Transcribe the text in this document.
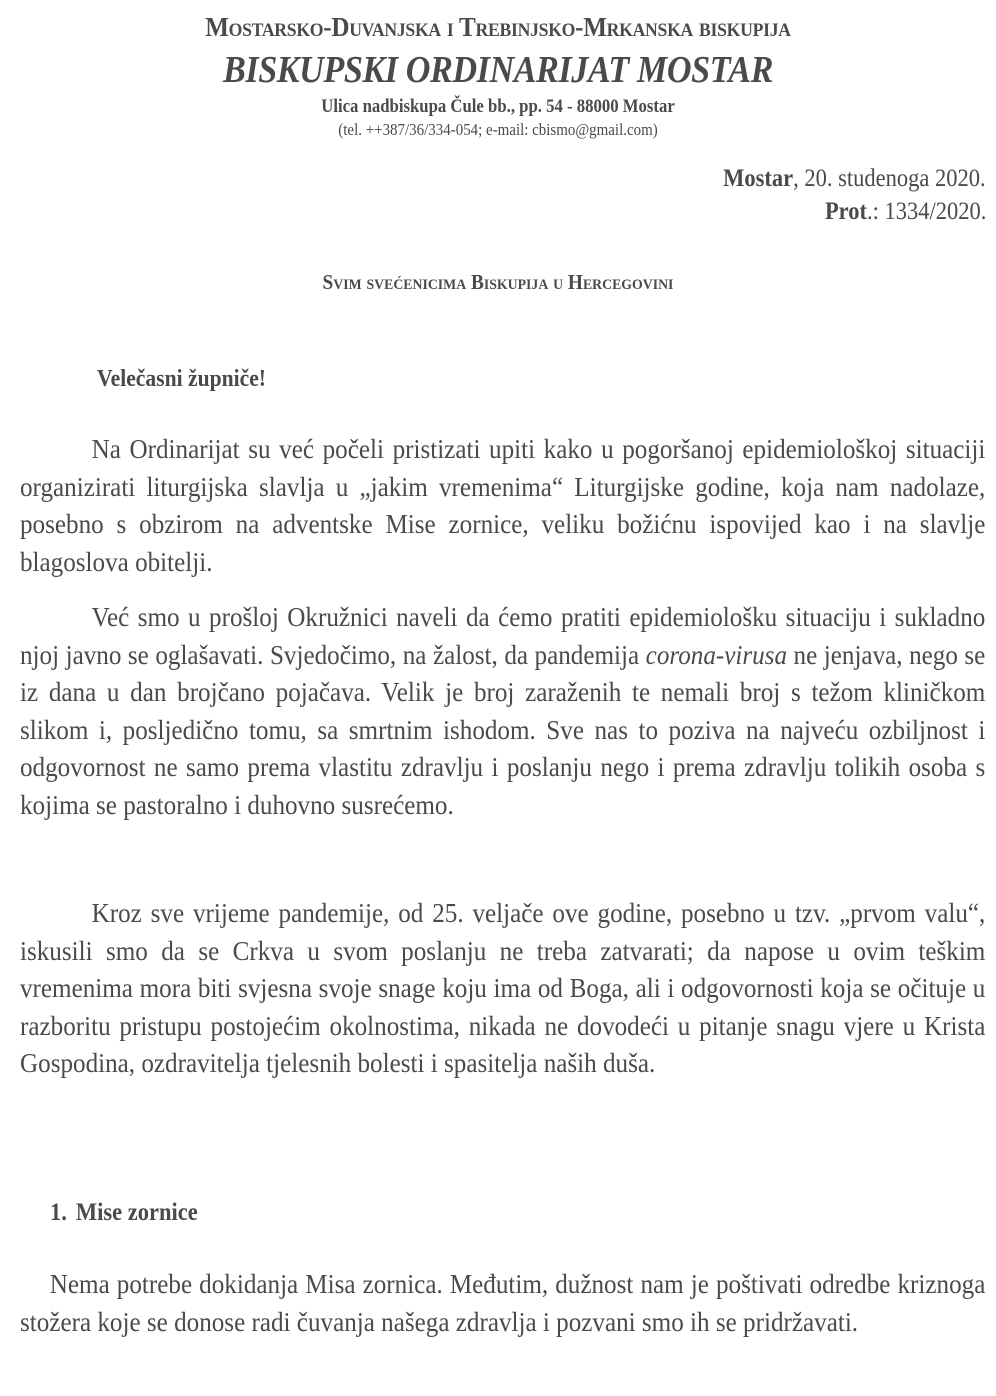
Mostarsko-Duvanjska i Trebinjsko-Mrkanska biskupija
BISKUPSKI ORDINARIJAT MOSTAR
Ulica nadbiskupa Čule bb., pp. 54 - 88000 Mostar
(tel. ++387/36/334-054; e-mail: cbismo@gmail.com)
Mostar, 20. studenoga 2020.
Prot.: 1334/2020.
Svim svećenicima Biskupija u Hercegovini
Velečasni župniče!

Na Ordinarijat su već počeli pristizati upiti kako u pogoršanoj epidemiološkoj situaciji organizirati liturgijska slavlja u „jakim vremenima“ Liturgijske godine, koja nam nadolaze, posebno s obzirom na adventske Mise zornice, veliku božićnu ispovijed kao i na slavlje blagoslova obitelji.

Već smo u prošloj Okružnici naveli da ćemo pratiti epidemiološku situaciju i sukladno njoj javno se oglašavati. Svjedočimo, na žalost, da pandemija corona-virusa ne jenjava, nego se iz dana u dan brojčano pojačava. Velik je broj zaraženih te nemali broj s težom kliničkom slikom i, posljedično tomu, sa smrtnim ishodom. Sve nas to poziva na najveću ozbiljnost i odgovornost ne samo prema vlastitu zdravlju i poslanju nego i prema zdravlju tolikih osoba s kojima se pastoralno i duhovno susrećemo.

Kroz sve vrijeme pandemije, od 25. veljače ove godine, posebno u tzv. „prvom valu“, iskusili smo da se Crkva u svom poslanju ne treba zatvarati; da napose u ovim teškim vremenima mora biti svjesna svoje snage koju ima od Boga, ali i odgovornosti koja se očituje u razboritu pristupu postojećim okolnostima, nikada ne dovodeći u pitanje snagu vjere u Krista Gospodina, ozdravitelja tjelesnih bolesti i spasitelja naših duša.

1. Mise zornice

Nema potrebe dokidanja Misa zornica. Međutim, dužnost nam je poštivati odredbe kriznoga stožera koje se donose radi čuvanja našega zdravlja i pozvani smo ih se pridržavati.
